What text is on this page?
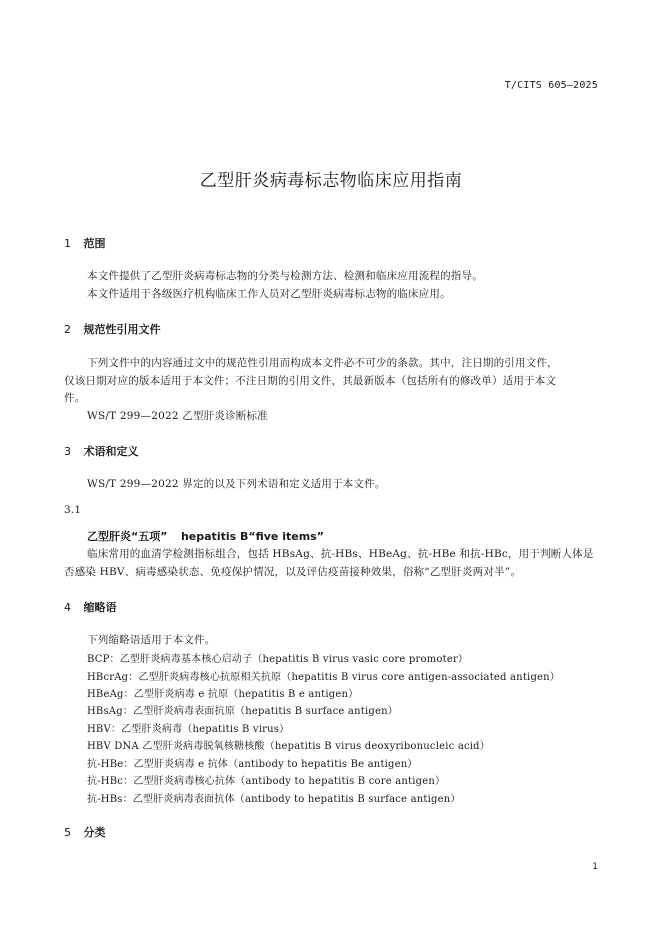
T/CITS 605—2025
乙型肝炎病毒标志物临床应用指南
1 范围
本文件提供了乙型肝炎病毒标志物的分类与检测方法、检测和临床应用流程的指导。
本文件适用于各级医疗机构临床工作人员对乙型肝炎病毒标志物的临床应用。
2 规范性引用文件
下列文件中的内容通过文中的规范性引用而构成本文件必不可少的条款。其中，注日期的引用文件，
仅该日期对应的版本适用于本文件；不注日期的引用文件，其最新版本（包括所有的修改单）适用于本文
件。
WS/T 299—2022 乙型肝炎诊断标准
3 术语和定义
WS/T 299—2022 界定的以及下列术语和定义适用于本文件。
3.1
乙型肝炎“五项” hepatitis B“five items”
临床常用的血清学检测指标组合，包括 HBsAg、抗-HBs、HBeAg、抗-HBe 和抗-HBc，用于判断人体是
否感染 HBV、病毒感染状态、免疫保护情况，以及评估疫苗接种效果，俗称“乙型肝炎两对半”。
4 缩略语
下列缩略语适用于本文件。
BCP：乙型肝炎病毒基本核心启动子（hepatitis B virus vasic core promoter）
HBcrAg：乙型肝炎病毒核心抗原相关抗原（hepatitis B virus core antigen-associated antigen）
HBeAg：乙型肝炎病毒 e 抗原（hepatitis B e antigen）
HBsAg：乙型肝炎病毒表面抗原（hepatitis B surface antigen）
HBV：乙型肝炎病毒（hepatitis B virus）
HBV DNA 乙型肝炎病毒脱氧核糖核酸（hepatitis B virus deoxyribonucleic acid）
抗-HBe：乙型肝炎病毒 e 抗体（antibody to hepatitis Be antigen）
抗-HBc：乙型肝炎病毒核心抗体（antibody to hepatitis B core antigen）
抗-HBs：乙型肝炎病毒表面抗体（antibody to hepatitis B surface antigen）
5 分类
1
